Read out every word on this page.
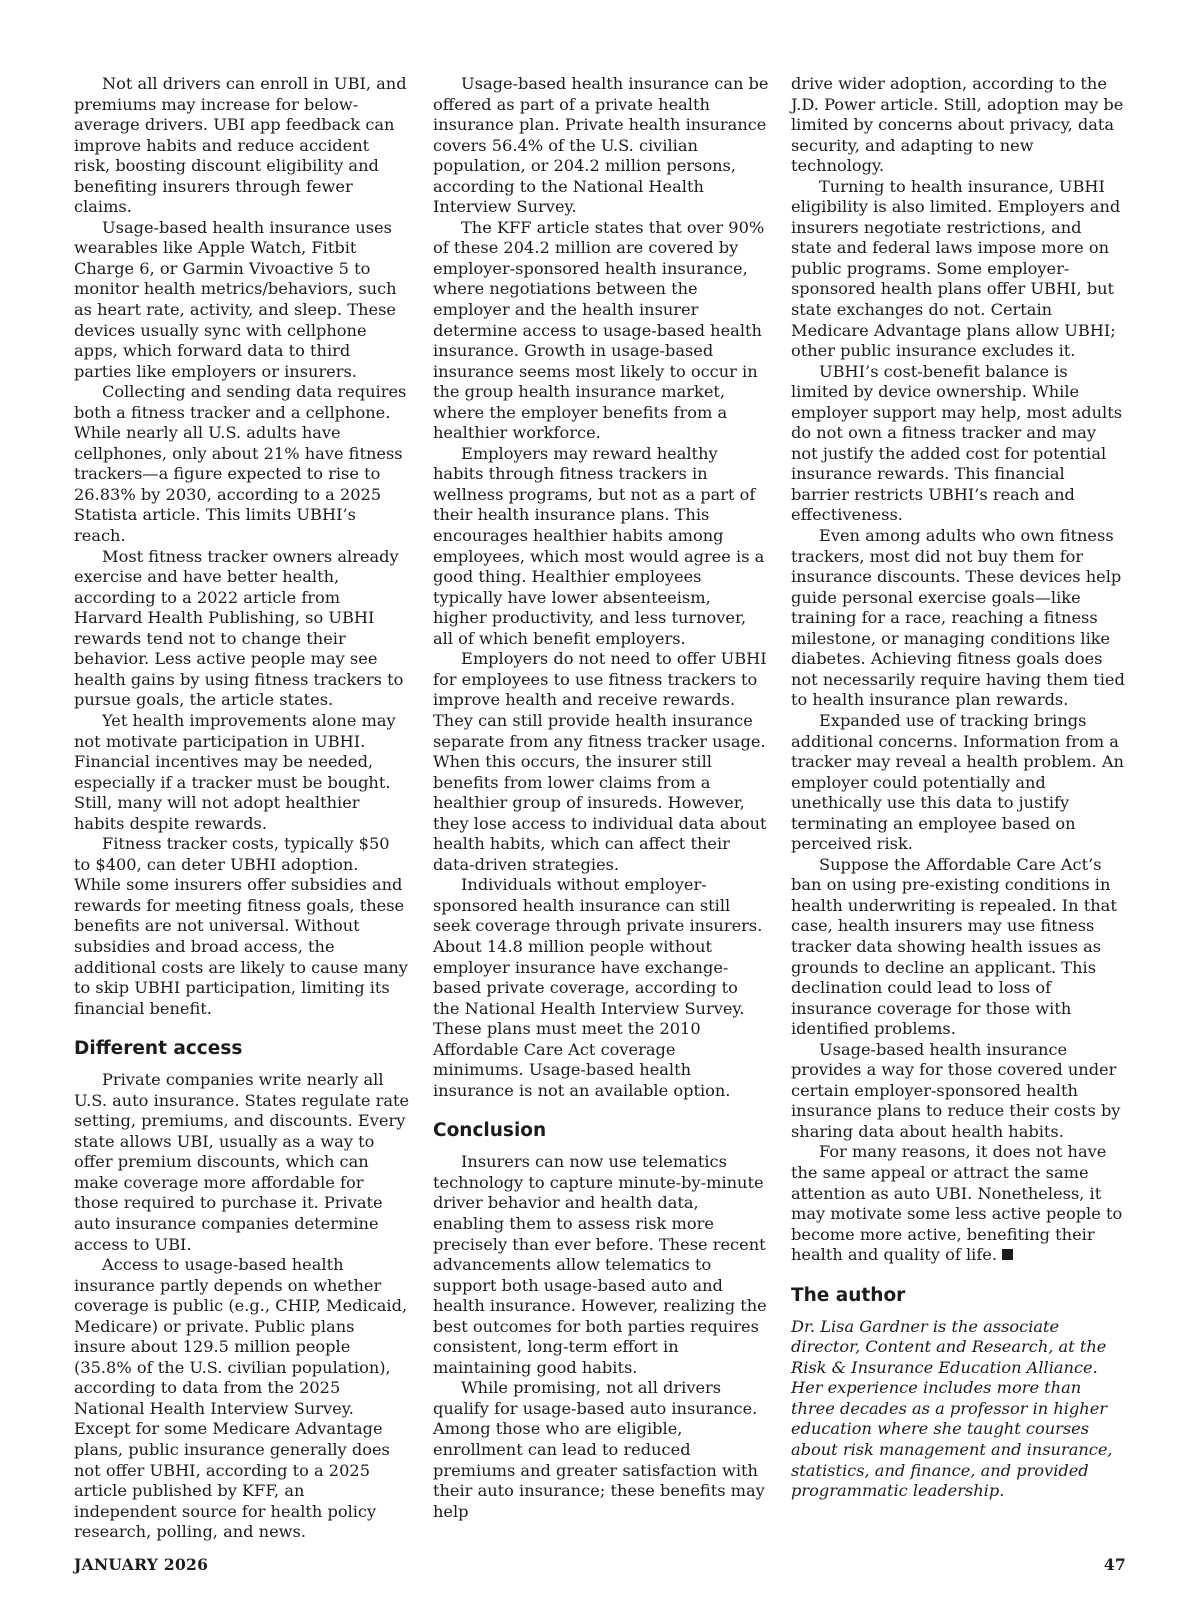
Not all drivers can enroll in UBI, and premiums may increase for below-average drivers. UBI app feedback can improve habits and reduce accident risk, boosting discount eligibility and benefiting insurers through fewer claims.

Usage-based health insurance uses wearables like Apple Watch, Fitbit Charge 6, or Garmin Vivoactive 5 to monitor health metrics/behaviors, such as heart rate, activity, and sleep. These devices usually sync with cellphone apps, which forward data to third parties like employers or insurers.

Collecting and sending data requires both a fitness tracker and a cellphone. While nearly all U.S. adults have cellphones, only about 21% have fitness trackers—a figure expected to rise to 26.83% by 2030, according to a 2025 Statista article. This limits UBHI’s reach.

Most fitness tracker owners already exercise and have better health, according to a 2022 article from Harvard Health Publishing, so UBHI rewards tend not to change their behavior. Less active people may see health gains by using fitness trackers to pursue goals, the article states.

Yet health improvements alone may not motivate participation in UBHI. Financial incentives may be needed, especially if a tracker must be bought. Still, many will not adopt healthier habits despite rewards.

Fitness tracker costs, typically $50 to $400, can deter UBHI adoption. While some insurers offer subsidies and rewards for meeting fitness goals, these benefits are not universal. Without subsidies and broad access, the additional costs are likely to cause many to skip UBHI participation, limiting its financial benefit.

Different access

Private companies write nearly all U.S. auto insurance. States regulate rate setting, premiums, and discounts. Every state allows UBI, usually as a way to offer premium discounts, which can make coverage more affordable for those required to purchase it. Private auto insurance companies determine access to UBI.

Access to usage-based health insurance partly depends on whether coverage is public (e.g., CHIP, Medicaid, Medicare) or private. Public plans insure about 129.5 million people (35.8% of the U.S. civilian population), according to data from the 2025 National Health Interview Survey. Except for some Medicare Advantage plans, public insurance generally does not offer UBHI, according to a 2025 article published by KFF, an independent source for health policy research, polling, and news.

Usage-based health insurance can be offered as part of a private health insurance plan. Private health insurance covers 56.4% of the U.S. civilian population, or 204.2 million persons, according to the National Health Interview Survey.

The KFF article states that over 90% of these 204.2 million are covered by employer-sponsored health insurance, where negotiations between the employer and the health insurer determine access to usage-based health insurance. Growth in usage-based insurance seems most likely to occur in the group health insurance market, where the employer benefits from a healthier workforce.

Employers may reward healthy habits through fitness trackers in wellness programs, but not as a part of their health insurance plans. This encourages healthier habits among employees, which most would agree is a good thing. Healthier employees typically have lower absenteeism, higher productivity, and less turnover, all of which benefit employers.

Employers do not need to offer UBHI for employees to use fitness trackers to improve health and receive rewards. They can still provide health insurance separate from any fitness tracker usage. When this occurs, the insurer still benefits from lower claims from a healthier group of insureds. However, they lose access to individual data about health habits, which can affect their data-driven strategies.

Individuals without employer-sponsored health insurance can still seek coverage through private insurers. About 14.8 million people without employer insurance have exchange-based private coverage, according to the National Health Interview Survey. These plans must meet the 2010 Affordable Care Act coverage minimums. Usage-based health insurance is not an available option.

Conclusion

Insurers can now use telematics technology to capture minute-by-minute driver behavior and health data, enabling them to assess risk more precisely than ever before. These recent advancements allow telematics to support both usage-based auto and health insurance. However, realizing the best outcomes for both parties requires consistent, long-term effort in maintaining good habits.

While promising, not all drivers qualify for usage-based auto insurance. Among those who are eligible, enrollment can lead to reduced premiums and greater satisfaction with their auto insurance; these benefits may help

drive wider adoption, according to the J.D. Power article. Still, adoption may be limited by concerns about privacy, data security, and adapting to new technology.

Turning to health insurance, UBHI eligibility is also limited. Employers and insurers negotiate restrictions, and state and federal laws impose more on public programs. Some employer-sponsored health plans offer UBHI, but state exchanges do not. Certain Medicare Advantage plans allow UBHI; other public insurance excludes it.

UBHI’s cost-benefit balance is limited by device ownership. While employer support may help, most adults do not own a fitness tracker and may not justify the added cost for potential insurance rewards. This financial barrier restricts UBHI’s reach and effectiveness.

Even among adults who own fitness trackers, most did not buy them for insurance discounts. These devices help guide personal exercise goals—like training for a race, reaching a fitness milestone, or managing conditions like diabetes. Achieving fitness goals does not necessarily require having them tied to health insurance plan rewards.

Expanded use of tracking brings additional concerns. Information from a tracker may reveal a health problem. An employer could potentially and unethically use this data to justify terminating an employee based on perceived risk.

Suppose the Affordable Care Act’s ban on using pre-existing conditions in health underwriting is repealed. In that case, health insurers may use fitness tracker data showing health issues as grounds to decline an applicant. This declination could lead to loss of insurance coverage for those with identified problems.

Usage-based health insurance provides a way for those covered under certain employer-sponsored health insurance plans to reduce their costs by sharing data about health habits.

For many reasons, it does not have the same appeal or attract the same attention as auto UBI. Nonetheless, it may motivate some less active people to become more active, benefiting their health and quality of life.

The author

Dr. Lisa Gardner is the associate director, Content and Research, at the Risk & Insurance Education Alliance. Her experience includes more than three decades as a professor in higher education where she taught courses about risk management and insurance, statistics, and finance, and provided programmatic leadership.

JANUARY 2026	47
